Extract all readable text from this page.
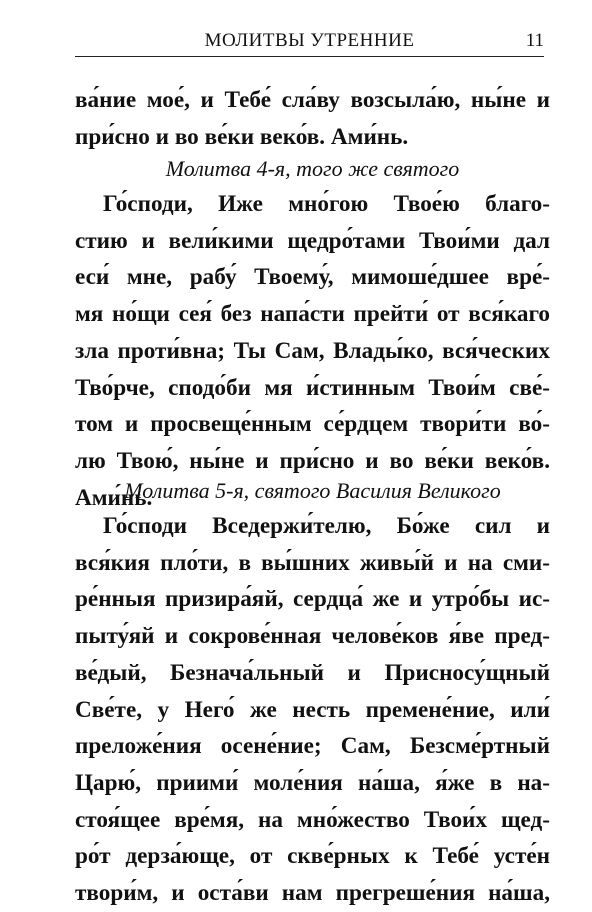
МОЛИТВЫ УТРЕННИЕ	11
ва́ние мое́, и Тебе́ сла́ву возсыла́ю, ны́не и
при́сно и во ве́ки веко́в. Ами́нь.
Молитва 4-я, того же святого
Го́споди, Иже мно́гою Твое́ю благо-
стию и вели́кими щедро́тами Твои́ми дал
еси́ мне, рабу́ Твоему́, мимоше́дшее вре́-
мя но́щи сея́ без напа́сти прейти́ от вся́каго
зла проти́вна; Ты Сам, Влады́ко, вся́ческих
Тво́рче, сподо́би мя и́стинным Твои́м све́-
том и просвеще́нным се́рдцем твори́ти во́-
лю Твою́, ны́не и при́сно и во ве́ки веко́в.
Ами́нь.
Молитва 5-я, святого Василия Великого
Го́споди Вседержи́телю, Бо́же сил и
вся́кия пло́ти, в вы́шних живы́й и на сми-
ре́нныя призира́яй, сердца́ же и утро́бы ис-
пыту́яй и сокрове́нная челове́ков я́ве пред-
ве́дый, Безнача́льный и Присносу́щный
Све́те, у Него́ же несть премене́ние, или́
преложе́ния осене́ние; Сам, Безсме́ртный
Царю́, приими́ моле́ния на́ша, я́же в на-
стоя́щее вре́мя, на мно́жество Твои́х щед-
ро́т дерза́юще, от скве́рных к Тебе́ усте́н
твори́м, и оста́ви нам прегреше́ния на́ша,
